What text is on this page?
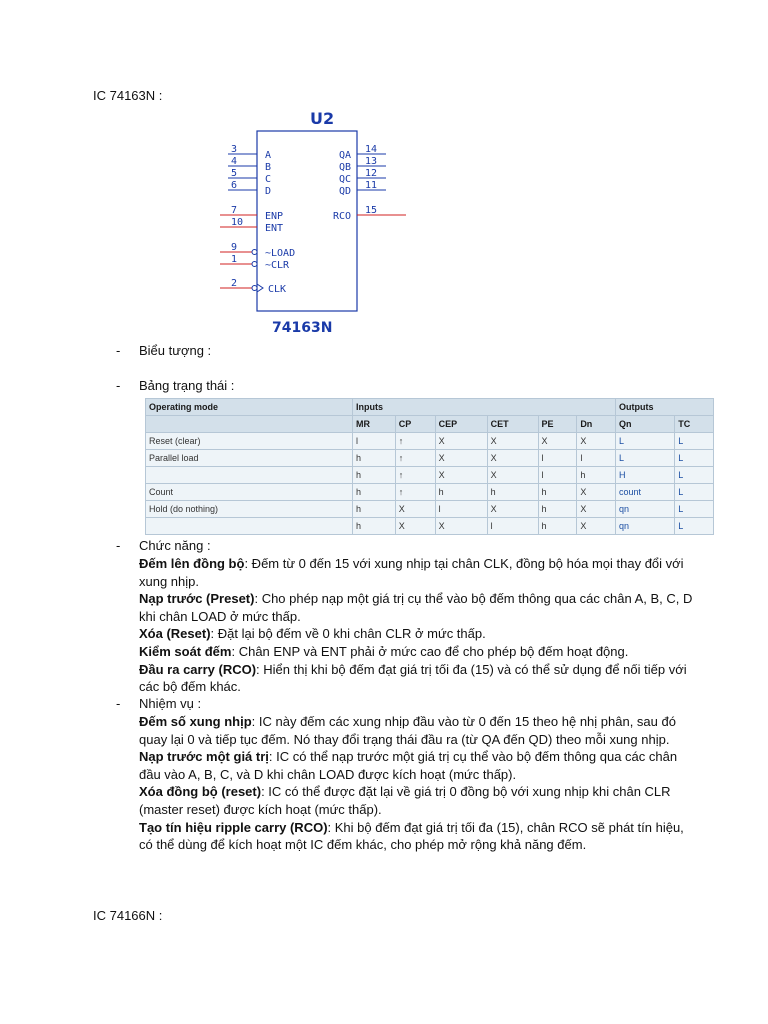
IC 74163N :
U2
74163N
3
A
4
B
5
C
6
D
7
ENP
10
ENT
9
~LOAD
1
~CLR
2
CLK
14
QA
13
QB
12
QC
11
QD
15
RCO
-	Biểu tượng :
-	Bảng trạng thái :
Operating mode	Inputs						Outputs	
	MR	CP	CEP	CET	PE	Dn	Qn	TC
Reset (clear)	l	↑	X	X	X	X	L	L
Parallel load	h	↑	X	X	l	l	L	L
	h	↑	X	X	l	h	H	L
Count	h	↑	h	h	h	X	count	L
Hold (do nothing)	h	X	l	X	h	X	qn	L
	h	X	X	l	h	X	qn	L
-	Chức năng :
Đếm lên đồng bộ: Đếm từ 0 đến 15 với xung nhịp tại chân CLK, đồng bộ hóa mọi thay đổi với xung nhịp.
Nạp trước (Preset): Cho phép nạp một giá trị cụ thể vào bộ đếm thông qua các chân A, B, C, D khi chân LOAD ở mức thấp.
Xóa (Reset): Đặt lại bộ đếm về 0 khi chân CLR ở mức thấp.
Kiểm soát đếm: Chân ENP và ENT phải ở mức cao để cho phép bộ đếm hoạt động.
Đầu ra carry (RCO): Hiển thị khi bộ đếm đạt giá trị tối đa (15) và có thể sử dụng để nối tiếp với các bộ đếm khác.
-	Nhiệm vụ :
Đếm số xung nhịp: IC này đếm các xung nhịp đầu vào từ 0 đến 15 theo hệ nhị phân, sau đó quay lại 0 và tiếp tục đếm. Nó thay đổi trạng thái đầu ra (từ QA đến QD) theo mỗi xung nhịp.
Nạp trước một giá trị: IC có thể nạp trước một giá trị cụ thể vào bộ đếm thông qua các chân đầu vào A, B, C, và D khi chân LOAD được kích hoạt (mức thấp).
Xóa đồng bộ (reset): IC có thể được đặt lại về giá trị 0 đồng bộ với xung nhịp khi chân CLR (master reset) được kích hoạt (mức thấp).
Tạo tín hiệu ripple carry (RCO): Khi bộ đếm đạt giá trị tối đa (15), chân RCO sẽ phát tín hiệu, có thể dùng để kích hoạt một IC đếm khác, cho phép mở rộng khả năng đếm.
IC 74166N :
